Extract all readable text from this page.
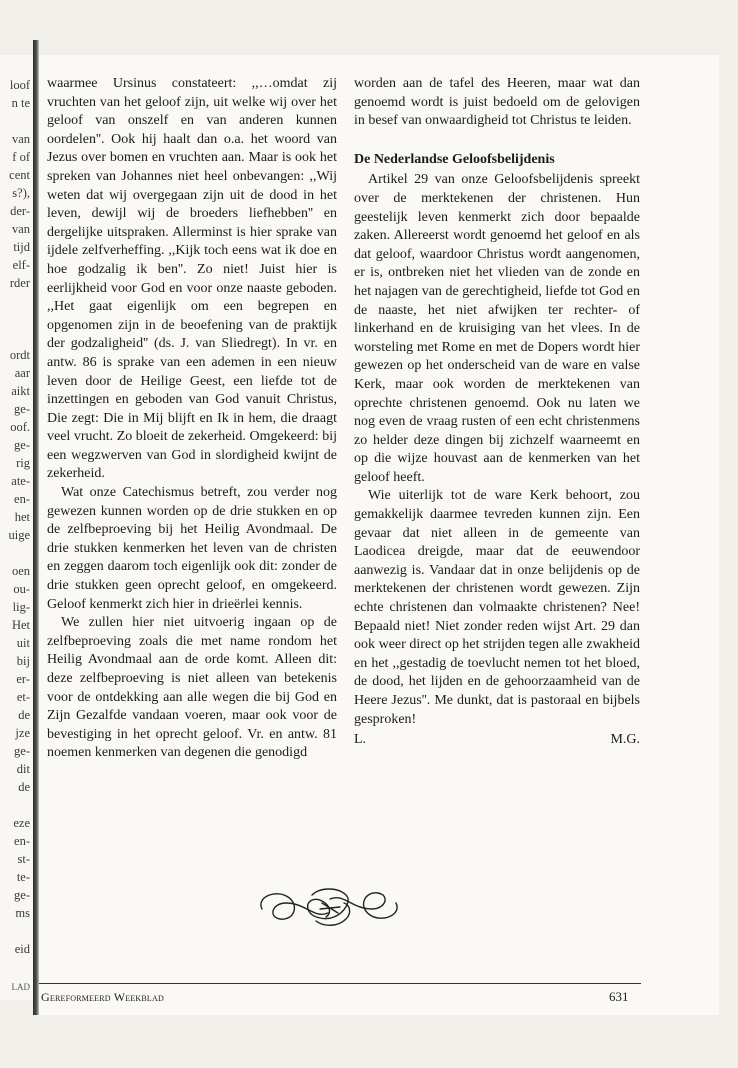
loof
n te
van
f of
cent
s?),
der-
van
tijd
elf-
rder
ordt
aar
aikt
ge-
oof.
ge-
rig
ate-
en-
het
uige
oen
ou-
lig-
Het
uit
bij
er-
et-
de
jze
ge-
dit
de
eze
en-
st-
te-
ge-
ms
eid
LAD

waarmee Ursinus constateert: ,,…omdat zij vruchten van het geloof zijn, uit welke wij over het geloof van onszelf en van anderen kunnen oordelen''. Ook hij haalt dan o.a. het woord van Jezus over bomen en vruchten aan. Maar is ook het spreken van Johannes niet heel onbevangen: ,,Wij weten dat wij overgegaan zijn uit de dood in het leven, dewijl wij de broeders liefhebben'' en dergelijke uitspraken. Allerminst is hier sprake van ijdele zelfverheffing. ,,Kijk toch eens wat ik doe en hoe godzalig ik ben''. Zo niet! Juist hier is eerlijkheid voor God en voor onze naaste geboden. ,,Het gaat eigenlijk om een begrepen en opgenomen zijn in de beoefening van de praktijk der godzaligheid'' (ds. J. van Sliedregt). In vr. en antw. 86 is sprake van een ademen in een nieuw leven door de Heilige Geest, een liefde tot de inzettingen en geboden van God vanuit Christus, Die zegt: Die in Mij blijft en Ik in hem, die draagt veel vrucht. Zo bloeit de zekerheid. Omgekeerd: bij een wegzwerven van God in slordigheid kwijnt de zekerheid.

Wat onze Catechismus betreft, zou verder nog gewezen kunnen worden op de drie stukken en op de zelfbeproeving bij het Heilig Avondmaal. De drie stukken kenmerken het leven van de christen en zeggen daarom toch eigenlijk ook dit: zonder de drie stukken geen oprecht geloof, en omgekeerd. Geloof kenmerkt zich hier in drieërlei kennis.

We zullen hier niet uitvoerig ingaan op de zelfbeproeving zoals die met name rondom het Heilig Avondmaal aan de orde komt. Alleen dit: deze zelfbeproeving is niet alleen van betekenis voor de ontdekking aan alle wegen die bij God en Zijn Gezalfde vandaan voeren, maar ook voor de bevestiging in het oprecht geloof. Vr. en antw. 81 noemen kenmerken van degenen die genodigd

worden aan de tafel des Heeren, maar wat dan genoemd wordt is juist bedoeld om de gelovigen in besef van onwaardigheid tot Christus te leiden.

De Nederlandse Geloofsbelijdenis

Artikel 29 van onze Geloofsbelijdenis spreekt over de merktekenen der christenen. Hun geestelijk leven kenmerkt zich door bepaalde zaken. Allereerst wordt genoemd het geloof en als dat geloof, waardoor Christus wordt aangenomen, er is, ontbreken niet het vlieden van de zonde en het najagen van de gerechtigheid, liefde tot God en de naaste, het niet afwijken ter rechter- of linkerhand en de kruisiging van het vlees. In de worsteling met Rome en met de Dopers wordt hier gewezen op het onderscheid van de ware en valse Kerk, maar ook worden de merktekenen van oprechte christenen genoemd. Ook nu laten we nog even de vraag rusten of een echt christenmens zo helder deze dingen bij zichzelf waarneemt en op die wijze houvast aan de kenmerken van het geloof heeft.

Wie uiterlijk tot de ware Kerk behoort, zou gemakkelijk daarmee tevreden kunnen zijn. Een gevaar dat niet alleen in de gemeente van Laodicea dreigde, maar dat de eeuwendoor aanwezig is. Vandaar dat in onze belijdenis op de merktekenen der christenen wordt gewezen. Zijn echte christenen dan volmaakte christenen? Nee! Bepaald niet! Niet zonder reden wijst Art. 29 dan ook weer direct op het strijden tegen alle zwakheid en het ,,gestadig de toevlucht nemen tot het bloed, de dood, het lijden en de gehoorzaamheid van de Heere Jezus''. Me dunkt, dat is pastoraal en bijbels gesproken!

L.	M.G.
Gereformeerd Weekblad	631
